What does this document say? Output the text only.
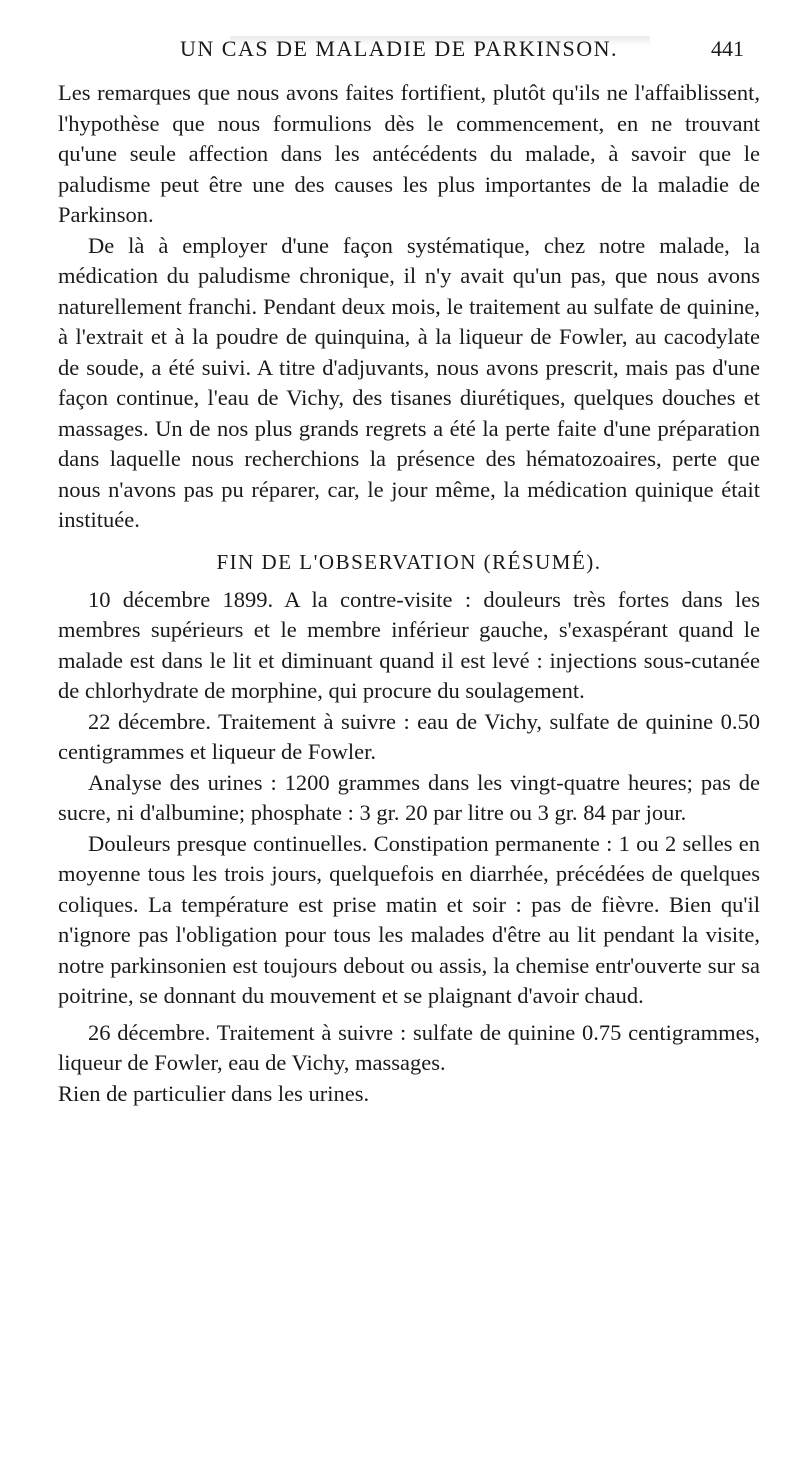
UN CAS DE MALADIE DE PARKINSON.	441

Les remarques que nous avons faites fortifient, plutôt qu'ils ne l'affaiblissent, l'hypothèse que nous formulions dès le commencement, en ne trouvant qu'une seule affection dans les antécédents du malade, à savoir que le paludisme peut être une des causes les plus importantes de la maladie de Parkinson.

De là à employer d'une façon systématique, chez notre malade, la médication du paludisme chronique, il n'y avait qu'un pas, que nous avons naturellement franchi. Pendant deux mois, le traitement au sulfate de quinine, à l'extrait et à la poudre de quinquina, à la liqueur de Fowler, au cacodylate de soude, a été suivi. A titre d'adjuvants, nous avons prescrit, mais pas d'une façon continue, l'eau de Vichy, des tisanes diurétiques, quelques douches et massages. Un de nos plus grands regrets a été la perte faite d'une préparation dans laquelle nous recherchions la présence des hématozoaires, perte que nous n'avons pas pu réparer, car, le jour même, la médication quinique était instituée.

FIN DE L'OBSERVATION (RÉSUMÉ).

10 décembre 1899. A la contre-visite : douleurs très fortes dans les membres supérieurs et le membre inférieur gauche, s'exaspérant quand le malade est dans le lit et diminuant quand il est levé : injections sous-cutanée de chlorhydrate de morphine, qui procure du soulagement.

22 décembre. Traitement à suivre : eau de Vichy, sulfate de quinine 0.50 centigrammes et liqueur de Fowler.

Analyse des urines : 1200 grammes dans les vingt-quatre heures; pas de sucre, ni d'albumine; phosphate : 3 gr. 20 par litre ou 3 gr. 84 par jour.

Douleurs presque continuelles. Constipation permanente : 1 ou 2 selles en moyenne tous les trois jours, quelquefois en diarrhée, précédées de quelques coliques. La température est prise matin et soir : pas de fièvre. Bien qu'il n'ignore pas l'obligation pour tous les malades d'être au lit pendant la visite, notre parkinsonien est toujours debout ou assis, la chemise entr'ouverte sur sa poitrine, se donnant du mouvement et se plaignant d'avoir chaud.

26 décembre. Traitement à suivre : sulfate de quinine 0.75 centigrammes, liqueur de Fowler, eau de Vichy, massages.

Rien de particulier dans les urines.
